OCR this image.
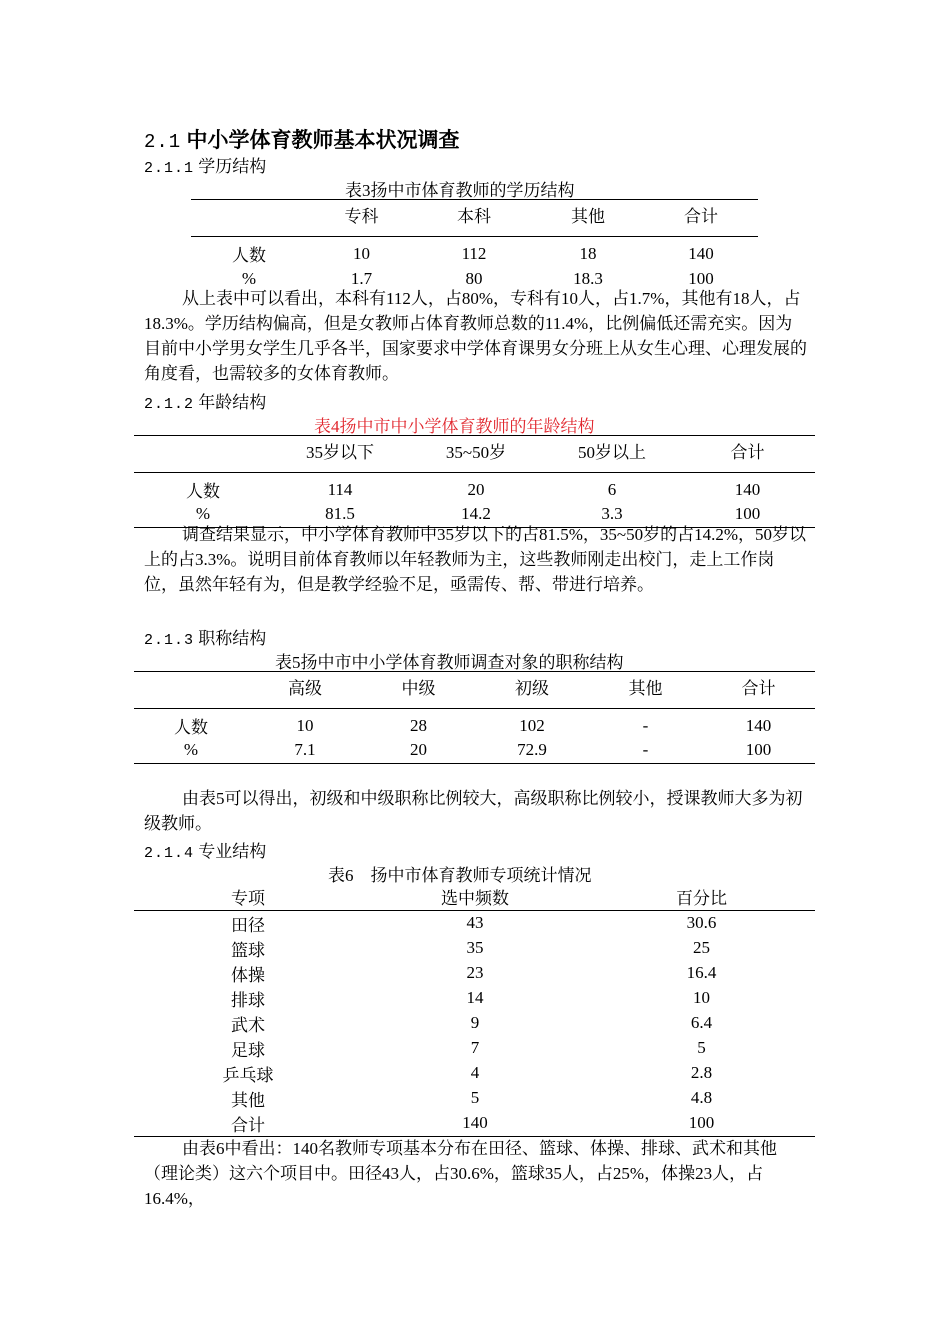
2.1 中小学体育教师基本状况调查
2.1.1 学历结构
表3扬中市体育教师的学历结构
	专科	本科	其他	合计
人数	10	112	18	140
%	1.7	80	18.3	100
从上表中可以看出，本科有112人，占80%，专科有10人，占1.7%，其他有18人，占18.3%。学历结构偏高，但是女教师占体育教师总数的11.4%，比例偏低还需充实。因为目前中小学男女学生几乎各半，国家要求中学体育课男女分班上从女生心理、心理发展的角度看，也需较多的女体育教师。
2.1.2 年龄结构
表4扬中市中小学体育教师的年龄结构
	35岁以下	35~50岁	50岁以上	合计
人数	114	20	6	140
%	81.5	14.2	3.3	100
调查结果显示，中小学体育教师中35岁以下的占81.5%，35~50岁的占14.2%，50岁以上的占3.3%。说明目前体育教师以年轻教师为主，这些教师刚走出校门，走上工作岗位，虽然年轻有为，但是教学经验不足，亟需传、帮、带进行培养。
2.1.3 职称结构
表5扬中市中小学体育教师调查对象的职称结构
	高级	中级	初级	其他	合计
人数	10	28	102	-	140
%	7.1	20	72.9	-	100
由表5可以得出，初级和中级职称比例较大，高级职称比例较小，授课教师大多为初级教师。
2.1.4 专业结构
表6　扬中市体育教师专项统计情况
专项	选中频数	百分比
田径	43	30.6
篮球	35	25
体操	23	16.4
排球	14	10
武术	9	6.4
足球	7	5
乒乓球	4	2.8
其他	5	4.8
合计	140	100
由表6中看出：140名教师专项基本分布在田径、篮球、体操、排球、武术和其他（理论类）这六个项目中。田径43人，占30.6%，篮球35人，占25%，体操23人，占16.4%，
